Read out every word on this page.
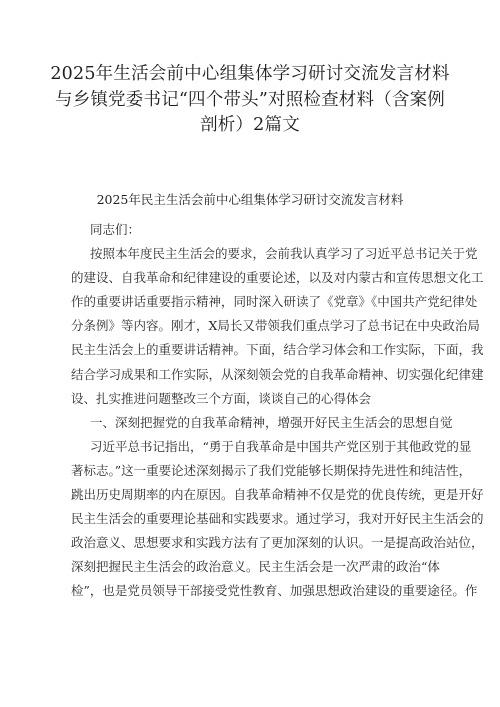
2025年生活会前中心组集体学习研讨交流发言材料
与乡镇党委书记“四个带头”对照检查材料（含案例
剖析）2篇文
2025年民主生活会前中心组集体学习研讨交流发言材料
同志们：
按照本年度民主生活会的要求，会前我认真学习了习近平总书记关于党
的建设、自我革命和纪律建设的重要论述，以及对内蒙古和宣传思想文化工
作的重要讲话重要指示精神，同时深入研读了《党章》《中国共产党纪律处
分条例》等内容。刚才，X局长又带领我们重点学习了总书记在中央政治局
民主生活会上的重要讲话精神。下面，结合学习体会和工作实际，下面，我
结合学习成果和工作实际，从深刻领会党的自我革命精神、切实强化纪律建
设、扎实推进问题整改三个方面，谈谈自己的心得体会
一、深刻把握党的自我革命精神，增强开好民主生活会的思想自觉
习近平总书记指出，“勇于自我革命是中国共产党区别于其他政党的显
著标志。”这一重要论述深刻揭示了我们党能够长期保持先进性和纯洁性，
跳出历史周期率的内在原因。自我革命精神不仅是党的优良传统，更是开好
民主生活会的重要理论基础和实践要求。通过学习，我对开好民主生活会的
政治意义、思想要求和实践方法有了更加深刻的认识。一是提高政治站位，
深刻把握民主生活会的政治意义。民主生活会是一次严肃的政治“体
检”，也是党员领导干部接受党性教育、加强思想政治建设的重要途径。作
